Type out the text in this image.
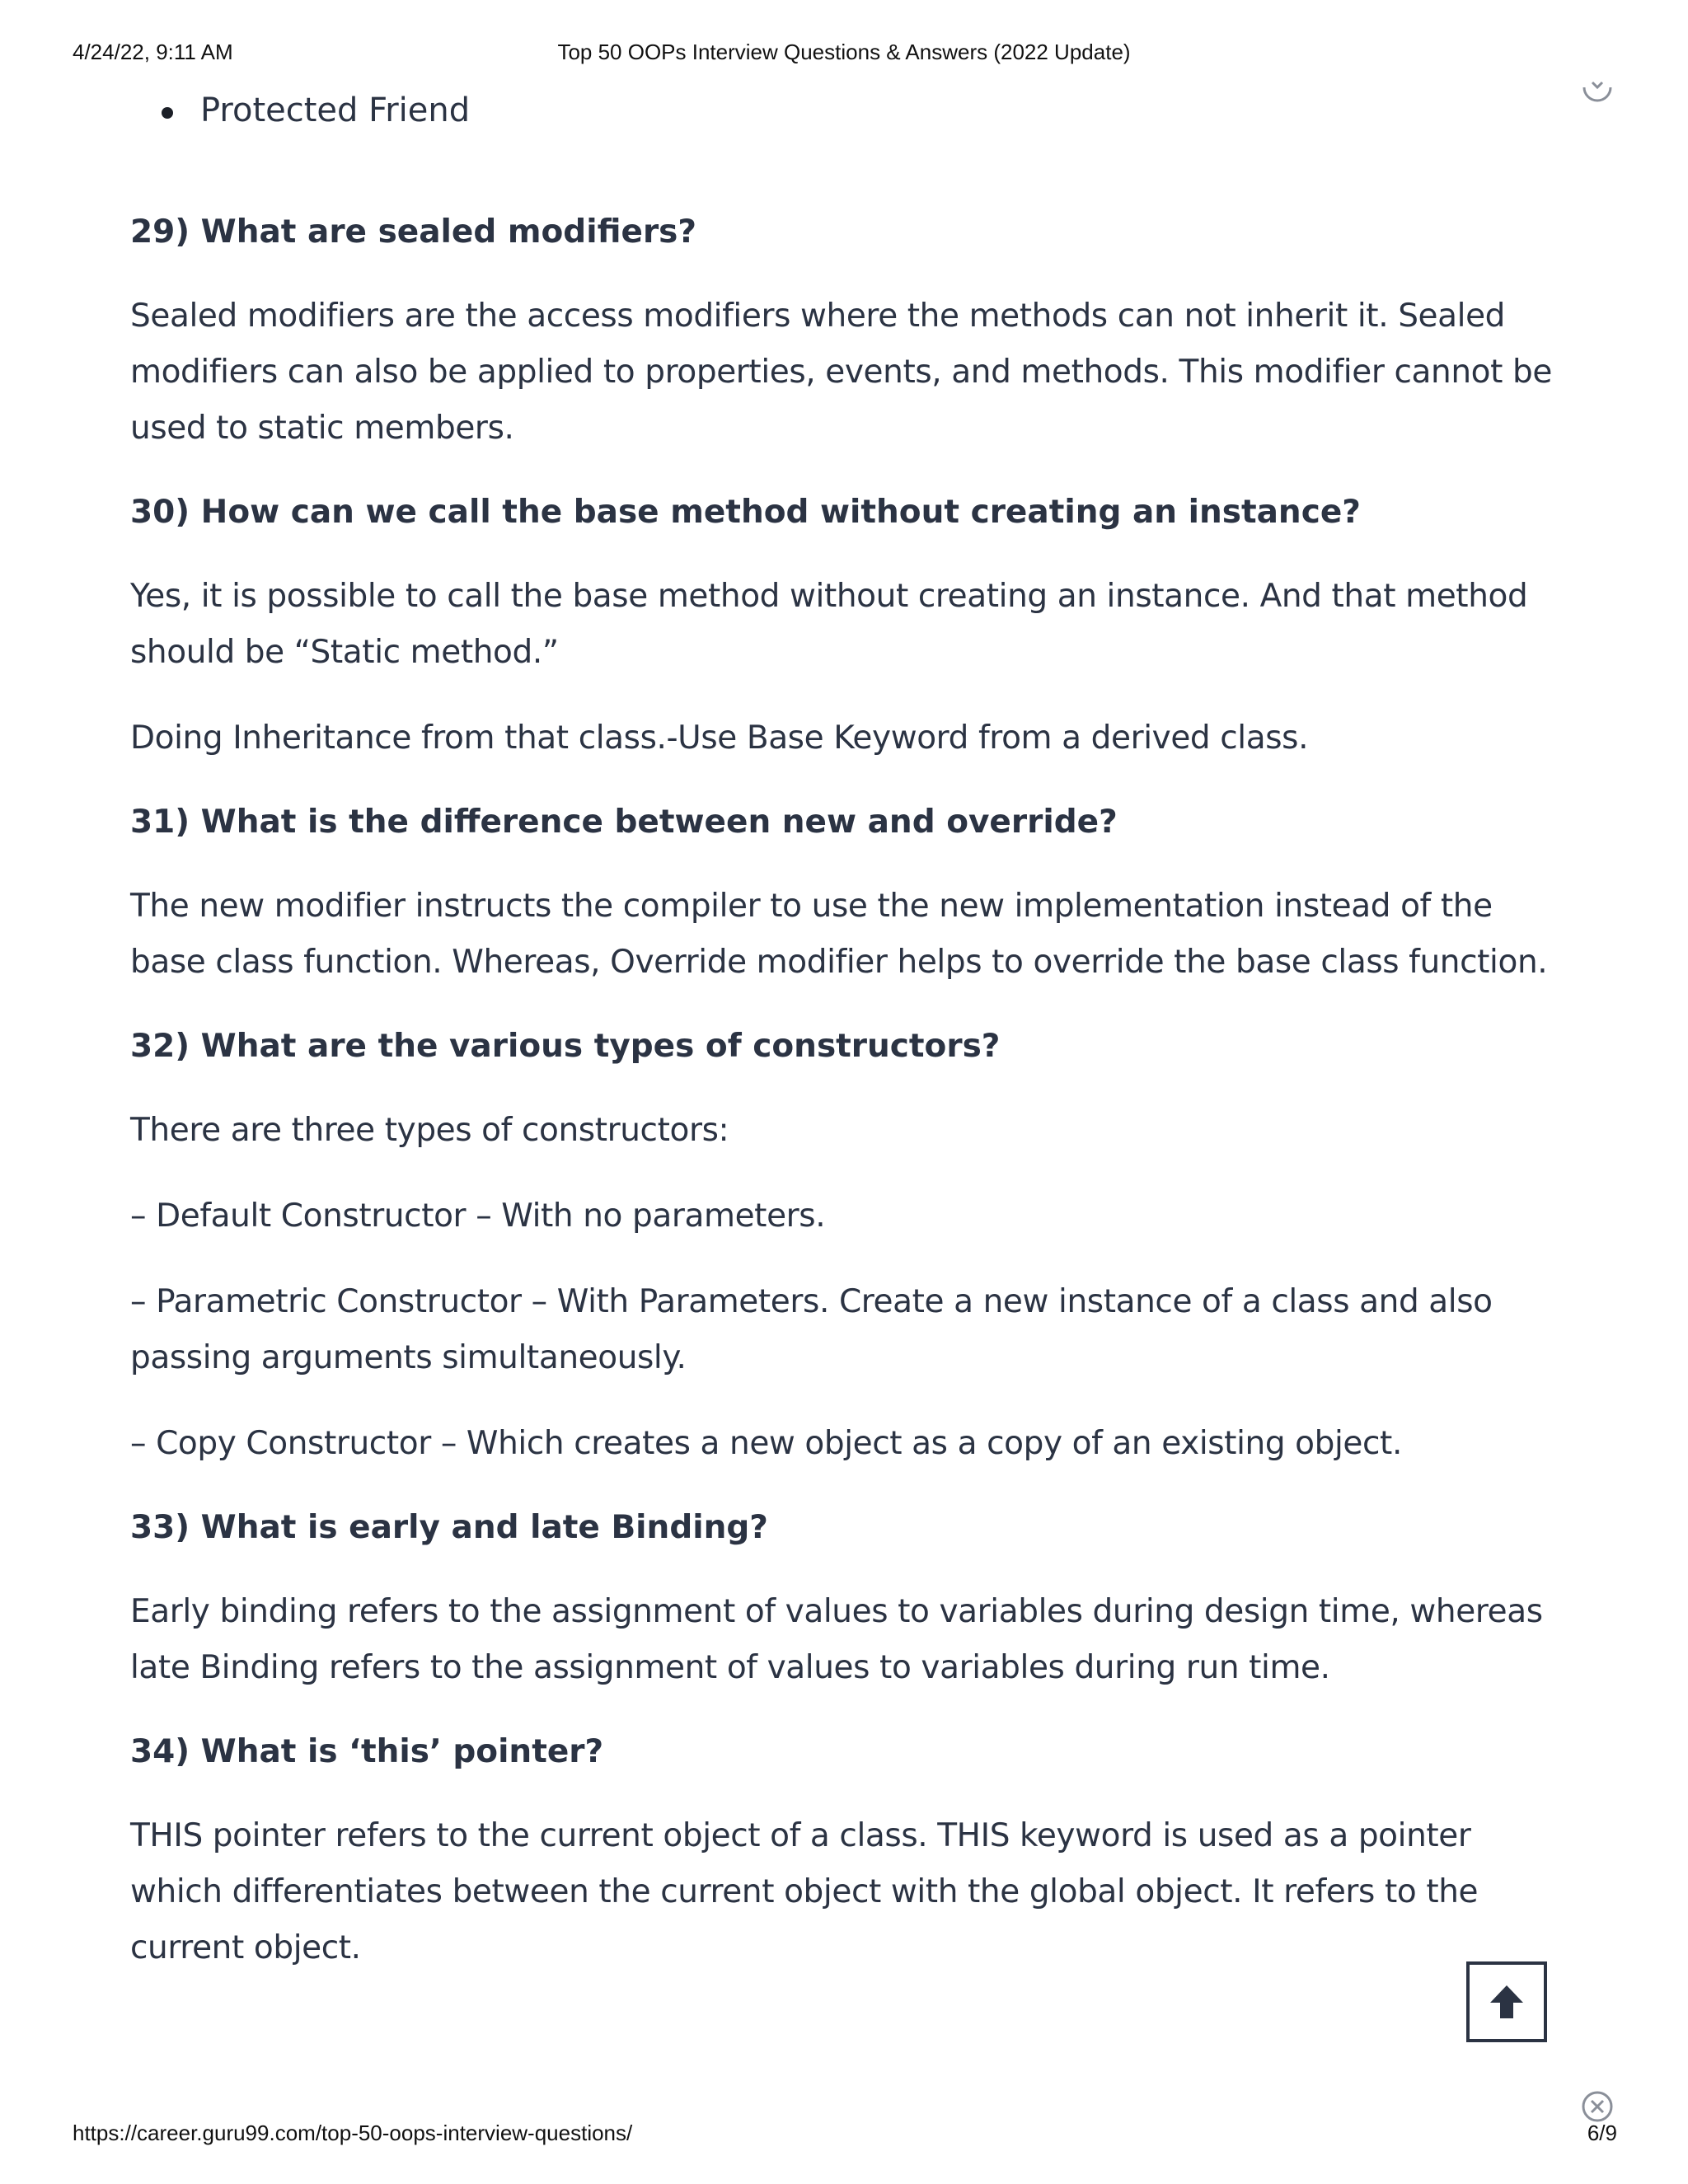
4/24/22, 9:11 AM	Top 50 OOPs Interview Questions & Answers (2022 Update)
Protected Friend
29) What are sealed modifiers?

Sealed modifiers are the access modifiers where the methods can not inherit it. Sealed modifiers can also be applied to properties, events, and methods. This modifier cannot be used to static members.

30) How can we call the base method without creating an instance?

Yes, it is possible to call the base method without creating an instance. And that method should be “Static method.”

Doing Inheritance from that class.-Use Base Keyword from a derived class.

31) What is the difference between new and override?

The new modifier instructs the compiler to use the new implementation instead of the base class function. Whereas, Override modifier helps to override the base class function.

32) What are the various types of constructors?

There are three types of constructors:

– Default Constructor – With no parameters.

– Parametric Constructor – With Parameters. Create a new instance of a class and also passing arguments simultaneously.

– Copy Constructor – Which creates a new object as a copy of an existing object.

33) What is early and late Binding?

Early binding refers to the assignment of values to variables during design time, whereas late Binding refers to the assignment of values to variables during run time.

34) What is ‘this’ pointer?

THIS pointer refers to the current object of a class. THIS keyword is used as a pointer which differentiates between the current object with the global object. It refers to the current object.

https://career.guru99.com/top-50-oops-interview-questions/	6/9
